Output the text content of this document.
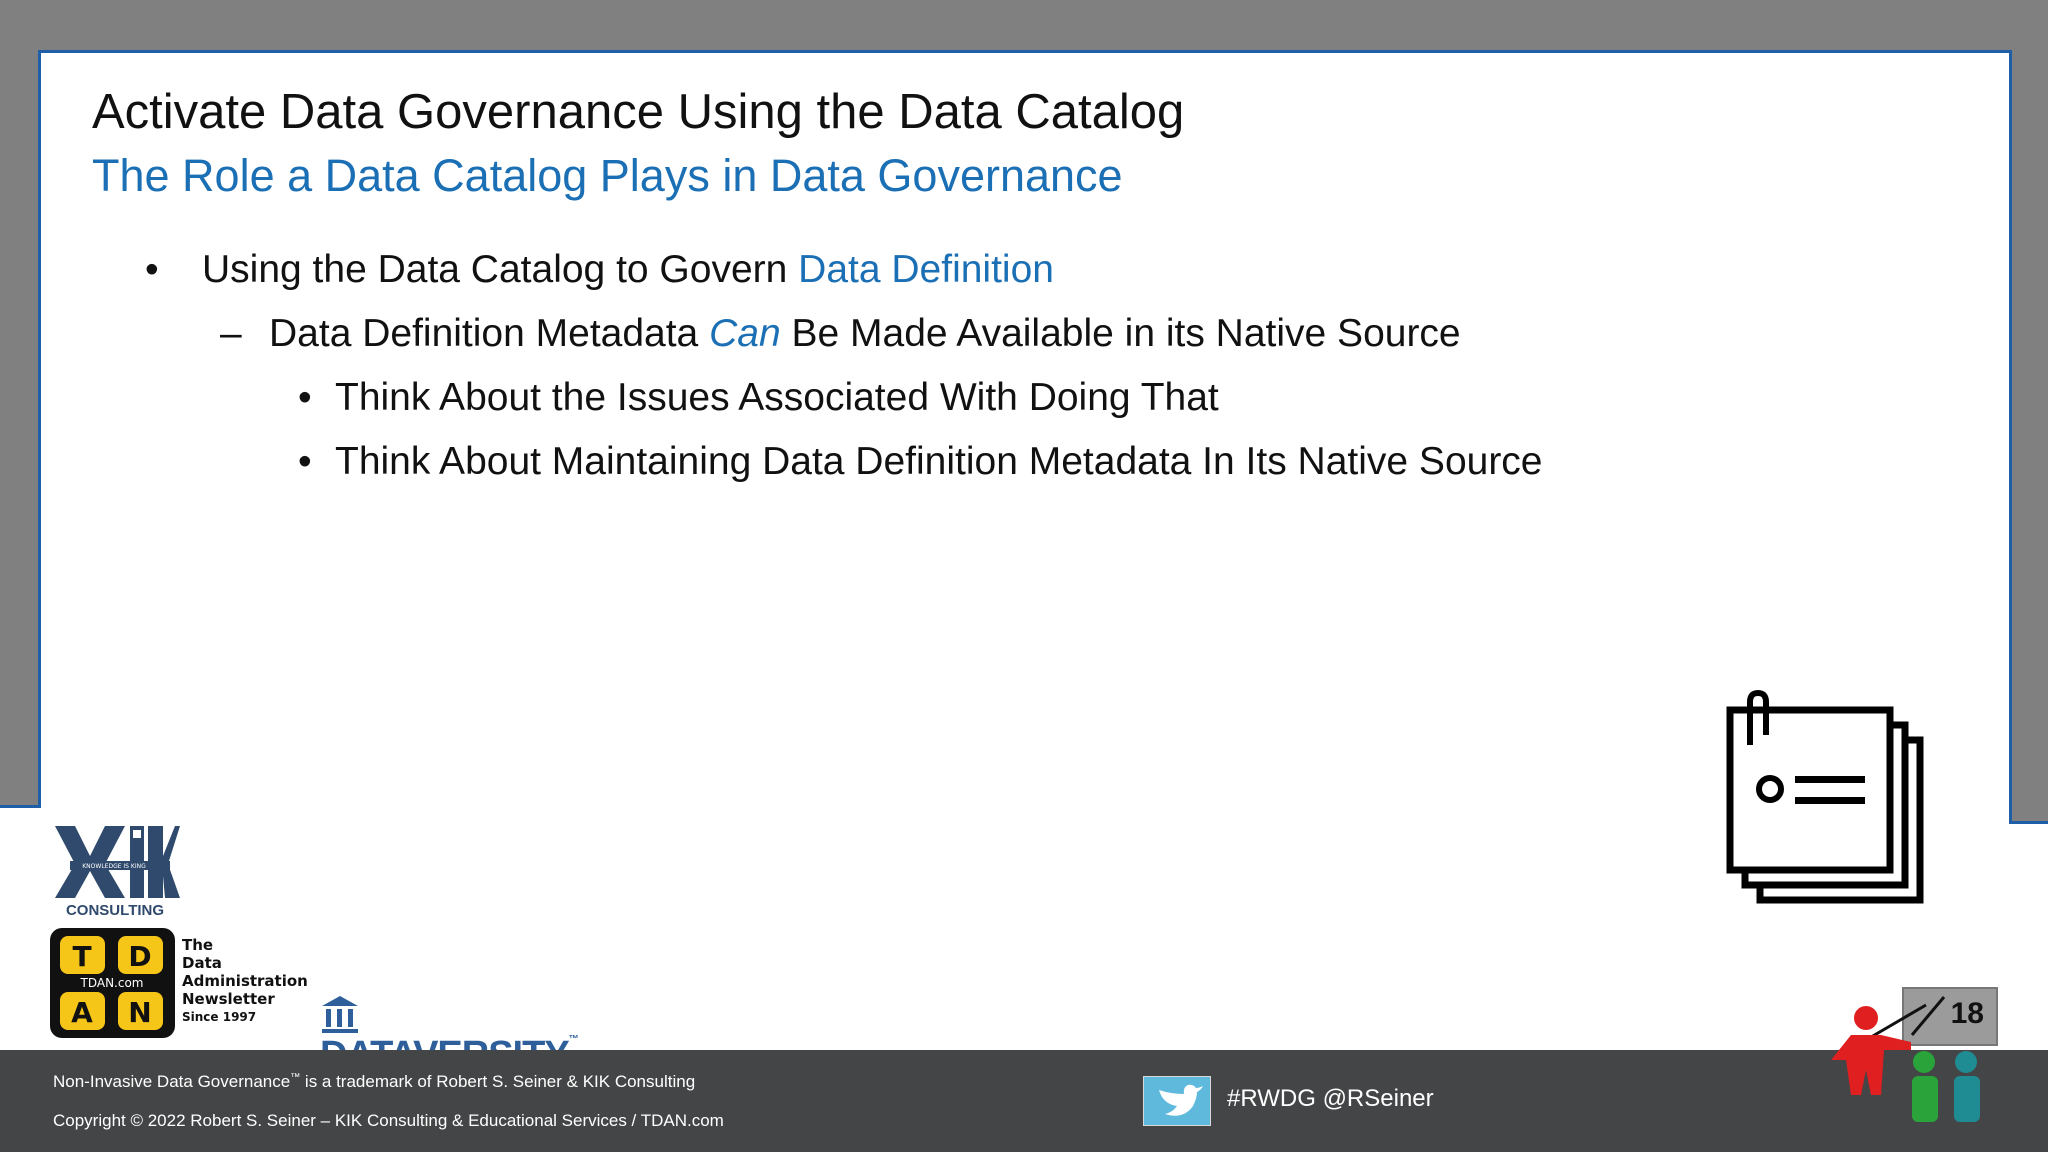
Activate Data Governance Using the Data Catalog
The Role a Data Catalog Plays in Data Governance
• Using the Data Catalog to Govern Data Definition
– Data Definition Metadata Can Be Made Available in its Native Source
• Think About the Issues Associated With Doing That
• Think About Maintaining Data Definition Metadata In Its Native Source
KNOWLEDGE IS KING
CONSULTING
T D
A N
TDAN.com
The
Data
Administration
Newsletter
Since 1997
™
Non-Invasive Data Governance™ is a trademark of Robert S. Seiner & KIK Consulting
Copyright © 2022 Robert S. Seiner – KIK Consulting & Educational Services / TDAN.com
#RWDG @RSeiner
18
